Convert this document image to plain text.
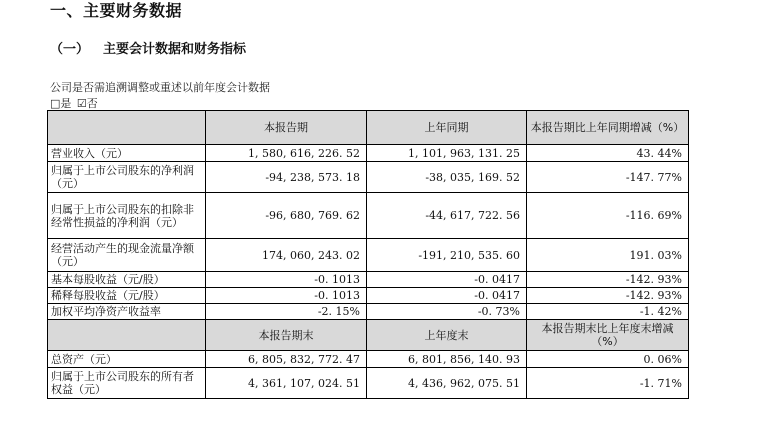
一、主要财务数据
（一） 主要会计数据和财务指标
公司是否需追溯调整或重述以前年度会计数据
□是 ☑否
	本报告期	上年同期	本报告期比上年同期增减（%）
营业收入（元）	1, 580, 616, 226. 52	1, 101, 963, 131. 25	43. 44%
归属于上市公司股东的净利润（元）	-94, 238, 573. 18	-38, 035, 169. 52	-147. 77%
归属于上市公司股东的扣除非经常性损益的净利润（元）	-96, 680, 769. 62	-44, 617, 722. 56	-116. 69%
经营活动产生的现金流量净额（元）	174, 060, 243. 02	-191, 210, 535. 60	191. 03%
基本每股收益（元/股）	-0. 1013	-0. 0417	-142. 93%
稀释每股收益（元/股）	-0. 1013	-0. 0417	-142. 93%
加权平均净资产收益率	-2. 15%	-0. 73%	-1. 42%
	本报告期末	上年度末	本报告期末比上年度末增减（%）
总资产（元）	6, 805, 832, 772. 47	6, 801, 856, 140. 93	0. 06%
归属于上市公司股东的所有者权益（元）	4, 361, 107, 024. 51	4, 436, 962, 075. 51	-1. 71%
